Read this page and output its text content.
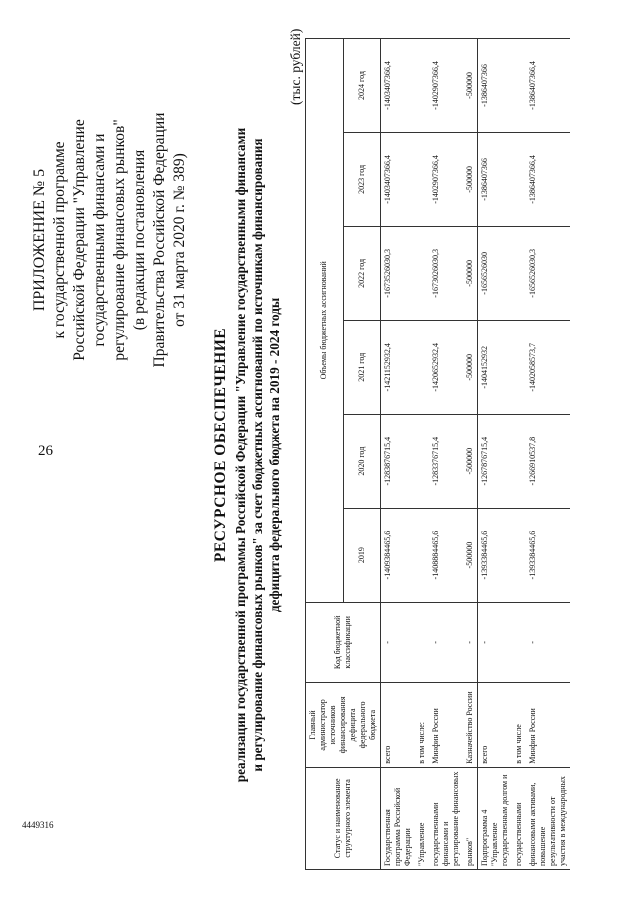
26
4449316
ПРИЛОЖЕНИЕ № 5 к государственной программе Российской Федерации "Управление государственными финансами и регулирование финансовых рынков" (в редакции постановления Правительства Российской Федерации от 31 марта 2020 г. № 389)
РЕСУРСНОЕ ОБЕСПЕЧЕНИЕ реализации государственной программы Российской Федерации "Управление государственными финансами и регулирование финансовых рынков" за счет бюджетных ассигнований по источникам финансирования дефицита федерального бюджета на 2019 - 2024 годы
(тыс. рублей)
Статус и наименование структурного элемента	Главный администратор источников финансирования дефицита федерального бюджета	Код бюджетной классификации	Объемы бюджетных ассигнований					
			2019	2020 год	2021 год	2022 год	2023 год	2024 год
Государственная программа Российской Федерации	всего	-	-1409384465,6	-1283876715,4	-1421152932,4	-1673526030,3	-1403407366,4	-1403407366,4
"Управление	в том числе:							
государственными финансами и регулирование финансовых	Минфин России	-	-1408884465,6	-1283376715,4	-1420652932,4	-1673026030,3	-1402907366,4	-1402907366,4
рынков"	Казначейство России	-	-500000	-500000	-500000	-500000	-500000	-500000
Подпрограмма 4 "Управление государственным долгом и	всего	-	-1393384465,6	-1267876715,4	-1404152932	-1656526030	-1386407366	-1386407366
государственными	в том числе							
финансовыми активами, повышение результативности от участия в международных	Минфин России	-	-1393384465,6	-1266910537,8	-1402058573,7	-1656526030,3	-1386407366,4	-1386407366,4
